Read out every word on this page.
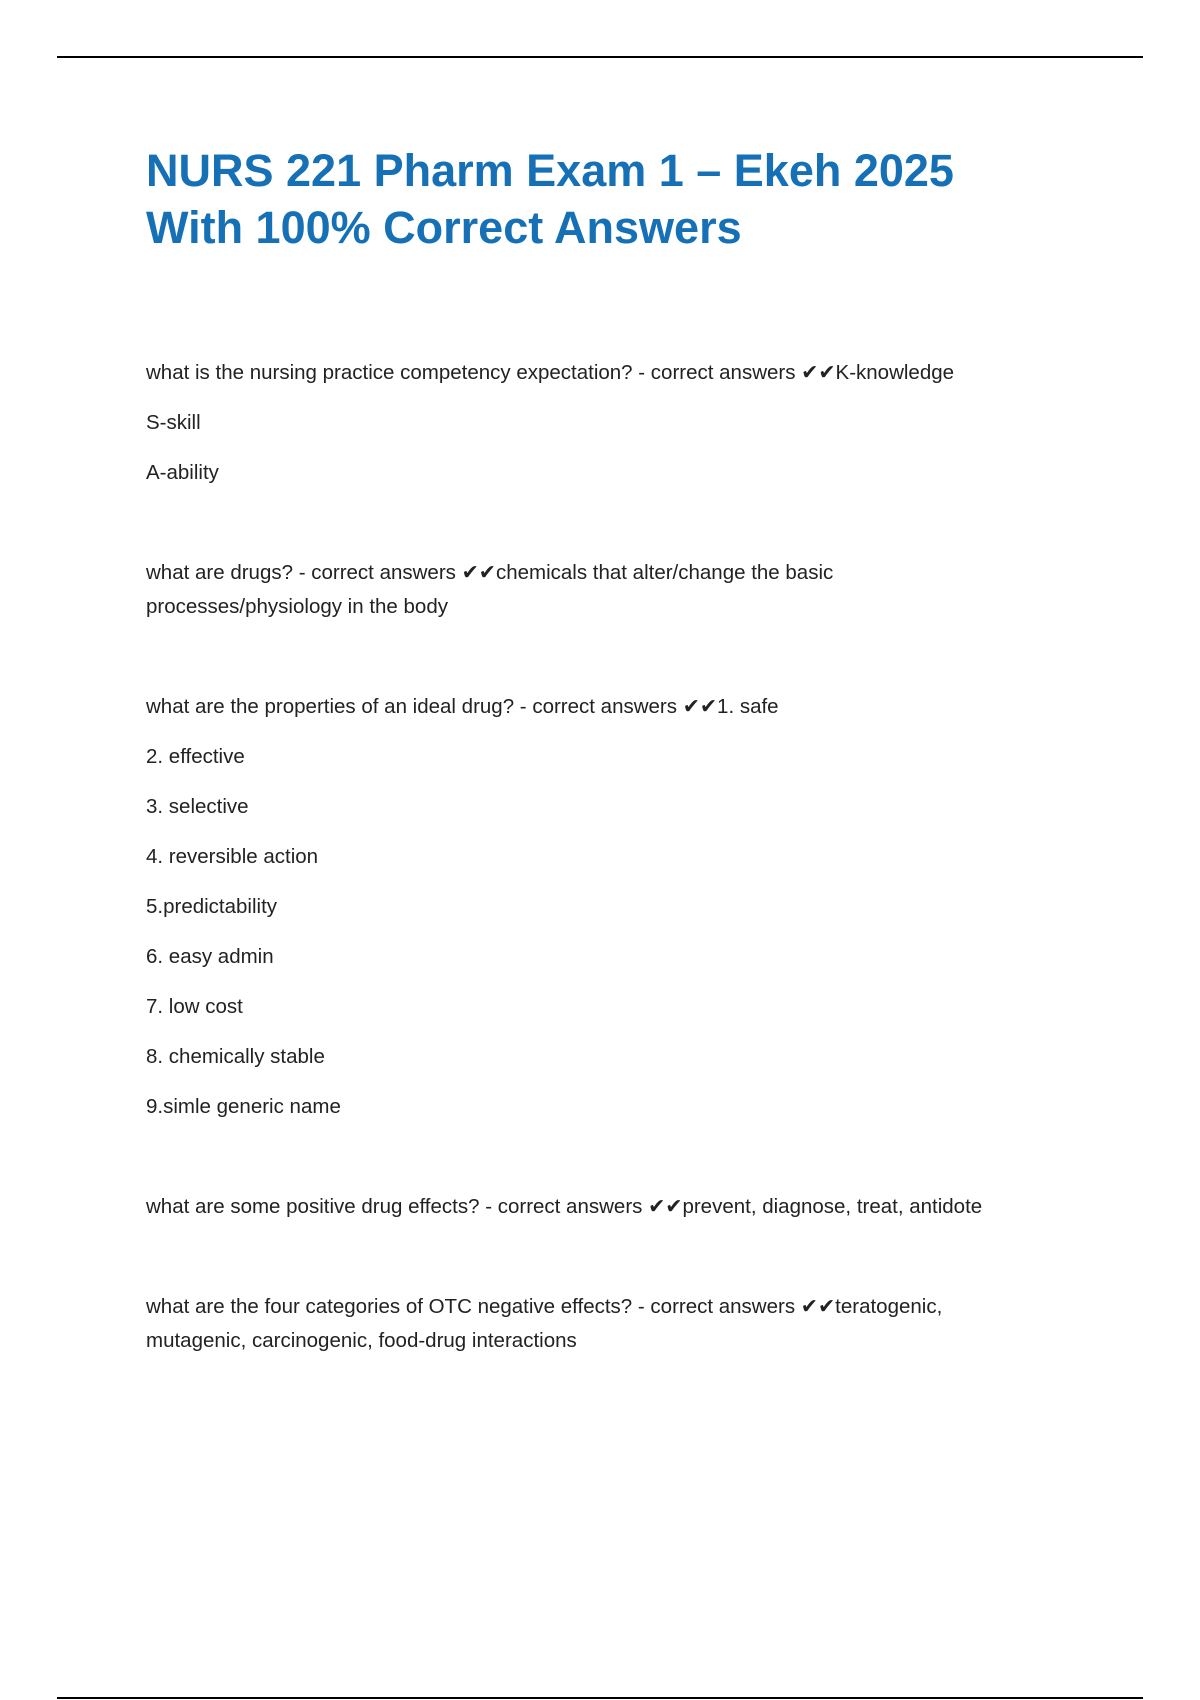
NURS 221 Pharm Exam 1 – Ekeh 2025
With 100% Correct Answers

what is the nursing practice competency expectation? - correct answers ✔✔K-knowledge

S-skill

A-ability

what are drugs? - correct answers ✔✔chemicals that alter/change the basic processes/physiology in the body

what are the properties of an ideal drug? - correct answers ✔✔1. safe

2. effective

3. selective

4. reversible action

5.predictability

6. easy admin

7. low cost

8. chemically stable

9.simle generic name

what are some positive drug effects? - correct answers ✔✔prevent, diagnose, treat, antidote

what are the four categories of OTC negative effects? - correct answers ✔✔teratogenic, mutagenic, carcinogenic, food-drug interactions
